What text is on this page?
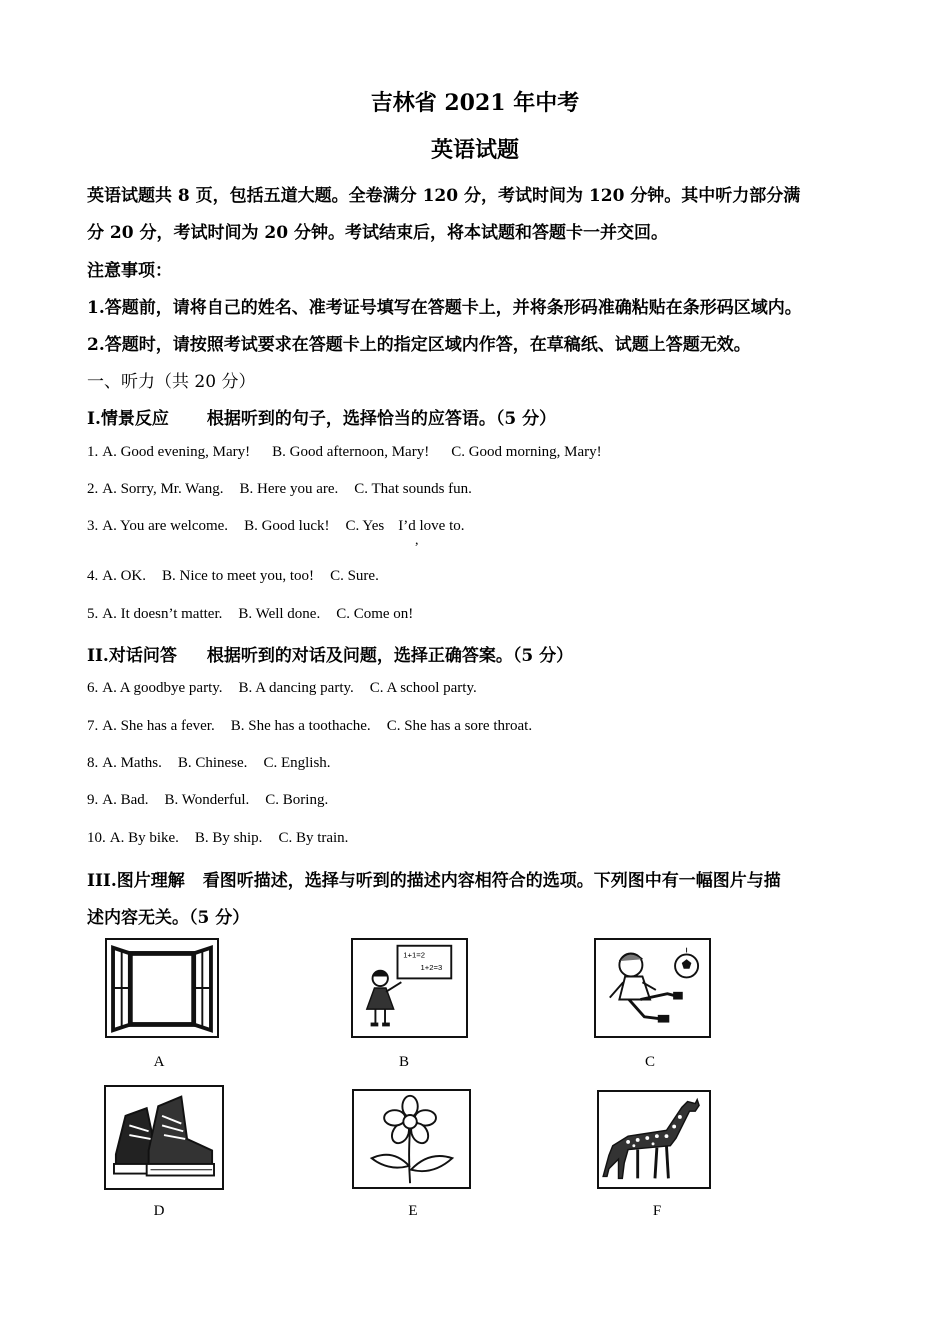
吉林省 2021 年中考
英语试题
英语试题共 8 页，包括五道大题。全卷满分 120 分，考试时间为 120 分钟。其中听力部分满
分 20 分，考试时间为 20 分钟。考试结束后，将本试题和答题卡一并交回。
注意事项：
1.答题前，请将自己的姓名、准考证号填写在答题卡上，并将条形码准确粘贴在条形码区域内。
2.答题时，请按照考试要求在答题卡上的指定区域内作答，在草稿纸、试题上答题无效。
一、听力（共 20 分）
I.情景反应 根据听到的句子，选择恰当的应答语。（5 分）
1. A. Good evening, Mary! B. Good afternoon, Mary! C. Good morning, Mary!
2. A. Sorry, Mr. Wang. B. Here you are. C. That sounds fun.
3. A. You are welcome. B. Good luck! C. Yes I’d love to.
,
4. A. OK. B. Nice to meet you, too! C. Sure.
5. A. It doesn’t matter. B. Well done. C. Come on!
II.对话问答 根据听到的对话及问题，选择正确答案。（5 分）
6. A. A goodbye party. B. A dancing party. C. A school party.
7. A. She has a fever. B. She has a toothache. C. She has a sore throat.
8. A. Maths. B. Chinese. C. English.
9. A. Bad. B. Wonderful. C. Boring.
10. A. By bike. B. By ship. C. By train.
III.图片理解 看图听描述，选择与听到的描述内容相符合的选项。下列图中有一幅图片与描
述内容无关。（5 分）
A
1+1=2
1+2=3
B	C
D	E	F
